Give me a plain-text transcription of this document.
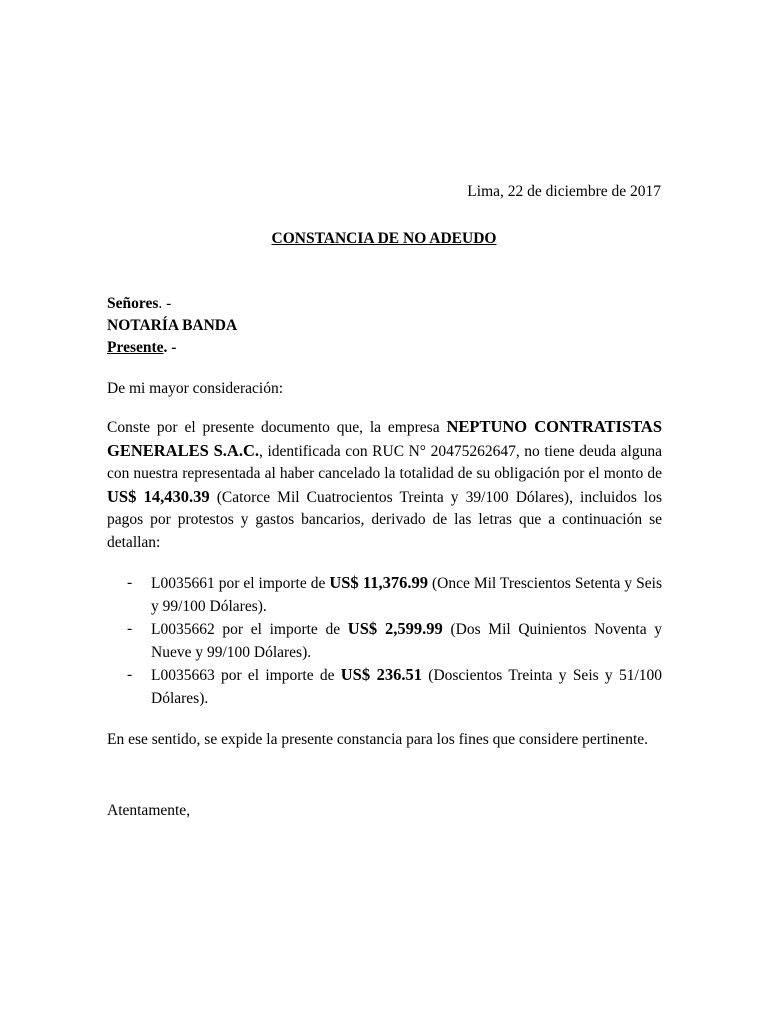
Lima, 22 de diciembre de 2017

CONSTANCIA DE NO ADEUDO

Señores. -
NOTARÍA BANDA
Presente. -

De mi mayor consideración:

Conste por el presente documento que, la empresa NEPTUNO CONTRATISTAS GENERALES S.A.C., identificada con RUC N° 20475262647, no tiene deuda alguna con nuestra representada al haber cancelado la totalidad de su obligación por el monto de US$ 14,430.39 (Catorce Mil Cuatrocientos Treinta y 39/100 Dólares), incluidos los pagos por protestos y gastos bancarios, derivado de las letras que a continuación se detallan:

- L0035661 por el importe de US$ 11,376.99 (Once Mil Trescientos Setenta y Seis y 99/100 Dólares).
- L0035662 por el importe de US$ 2,599.99 (Dos Mil Quinientos Noventa y Nueve y 99/100 Dólares).
- L0035663 por el importe de US$ 236.51 (Doscientos Treinta y Seis y 51/100 Dólares).

En ese sentido, se expide la presente constancia para los fines que considere pertinente.

Atentamente,
